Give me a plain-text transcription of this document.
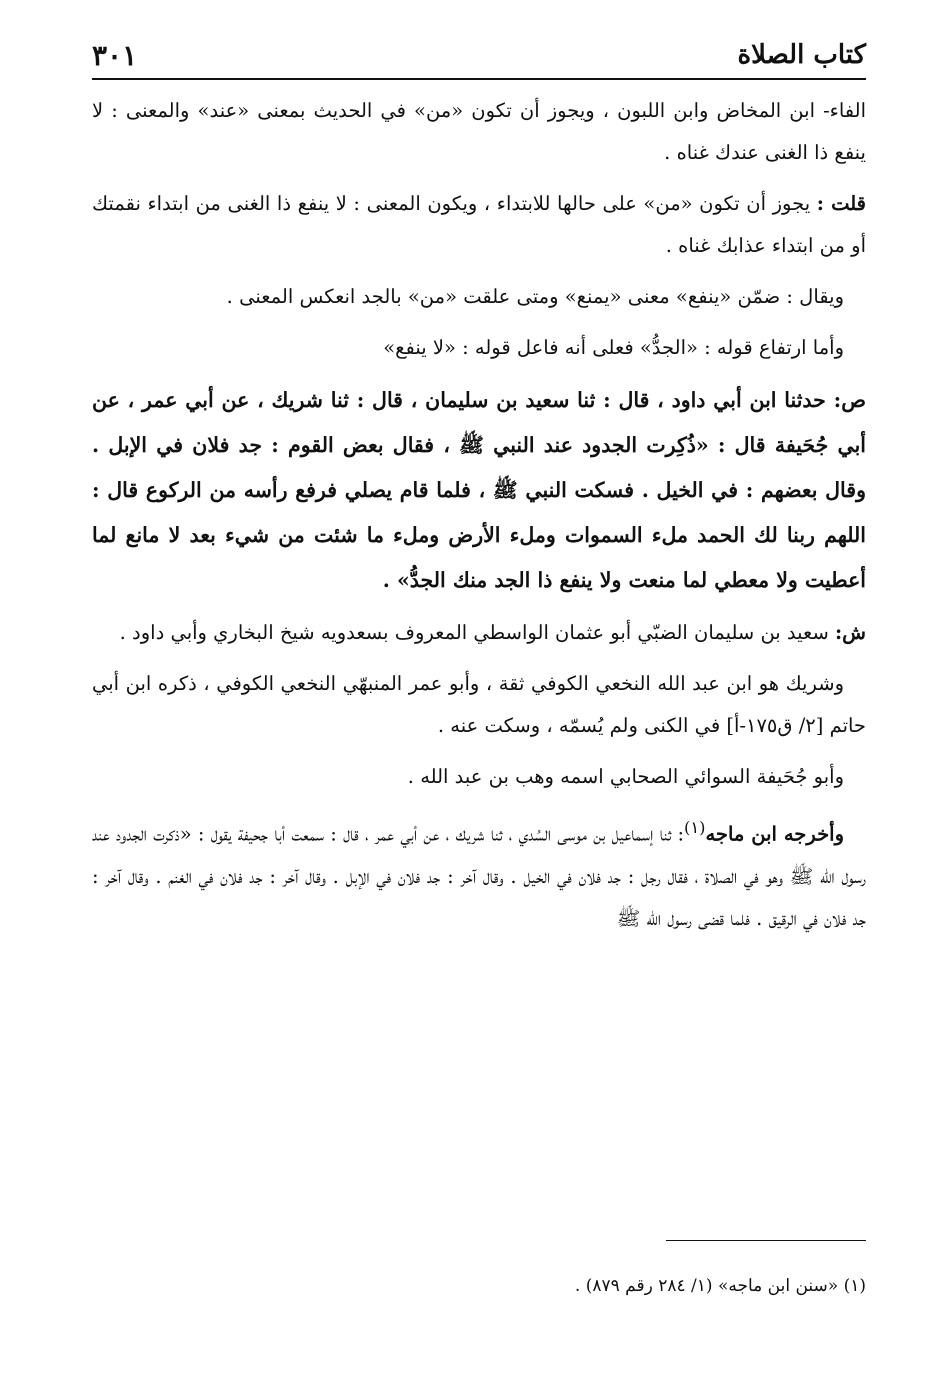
كتاب الصلاة
٣٠١

الفاء- ابن المخاض وابن اللبون ، ويجوز أن تكون «من» في الحديث بمعنى «عند» والمعنى : لا ينفع ذا الغنى عندك غناه .

قلت : يجوز أن تكون «من» على حالها للابتداء ، ويكون المعنى : لا ينفع ذا الغنى من ابتداء نقمتك أو من ابتداء عذابك غناه .

ويقال : ضمّن «ينفع» معنى «يمنع» ومتى علقت «من» بالجد انعكس المعنى .

وأما ارتفاع قوله : «الجدُّ» فعلى أنه فاعل قوله : «لا ينفع»

ص: حدثنا ابن أبي داود ، قال : ثنا سعيد بن سليمان ، قال : ثنا شريك ، عن أبي عمر ، عن أبي جُحَيفة قال : «ذُكِرت الجدود عند النبي ﷺ ، فقال بعض القوم : جد فلان في الإبل . وقال بعضهم : في الخيل . فسكت النبي ﷺ ، فلما قام يصلي فرفع رأسه من الركوع قال : اللهم ربنا لك الحمد ملء السموات وملء الأرض وملء ما شئت من شيء بعد لا مانع لما أعطيت ولا معطي لما منعت ولا ينفع ذا الجد منك الجدُّ» .

ش: سعيد بن سليمان الضبّي أبو عثمان الواسطي المعروف بسعدويه شيخ البخاري وأبي داود .

وشريك هو ابن عبد الله النخعي الكوفي ثقة ، وأبو عمر المنبهّي النخعي الكوفي ، ذكره ابن أبي حاتم [٢/ ق١٧٥-أ] في الكنى ولم يُسمّه ، وسكت عنه .

وأبو جُحَيفة السوائي الصحابي اسمه وهب بن عبد الله .

وأخرجه ابن ماجه$^{(١)}$: ثنا إسماعيل بن موسى السُدي ، ثنا شريك ، عن أبي عمر ، قال : سمعت أبا جحيفة يقول : «ذكرت الجدود عند رسول الله ﷺ وهو في الصلاة ، فقال رجل : جد فلان في الخيل . وقال آخر : جد فلان في الإبل . وقال آخر : جد فلان في الغنم . وقال آخر : جد فلان في الرقيق . فلما قضى رسول الله ﷺ

(١) «سنن ابن ماجه» (١/ ٢٨٤ رقم ٨٧٩) .
